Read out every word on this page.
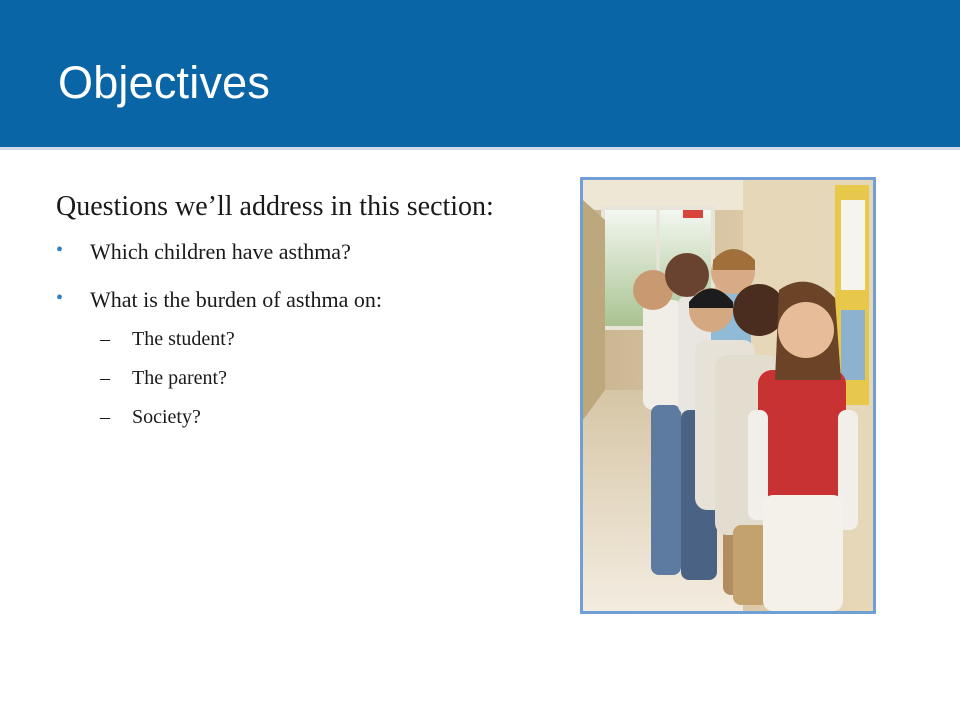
Objectives
Questions we’ll address in this section:
• Which children have asthma?
• What is the burden of asthma on:
– The student?
– The parent?
– Society?
